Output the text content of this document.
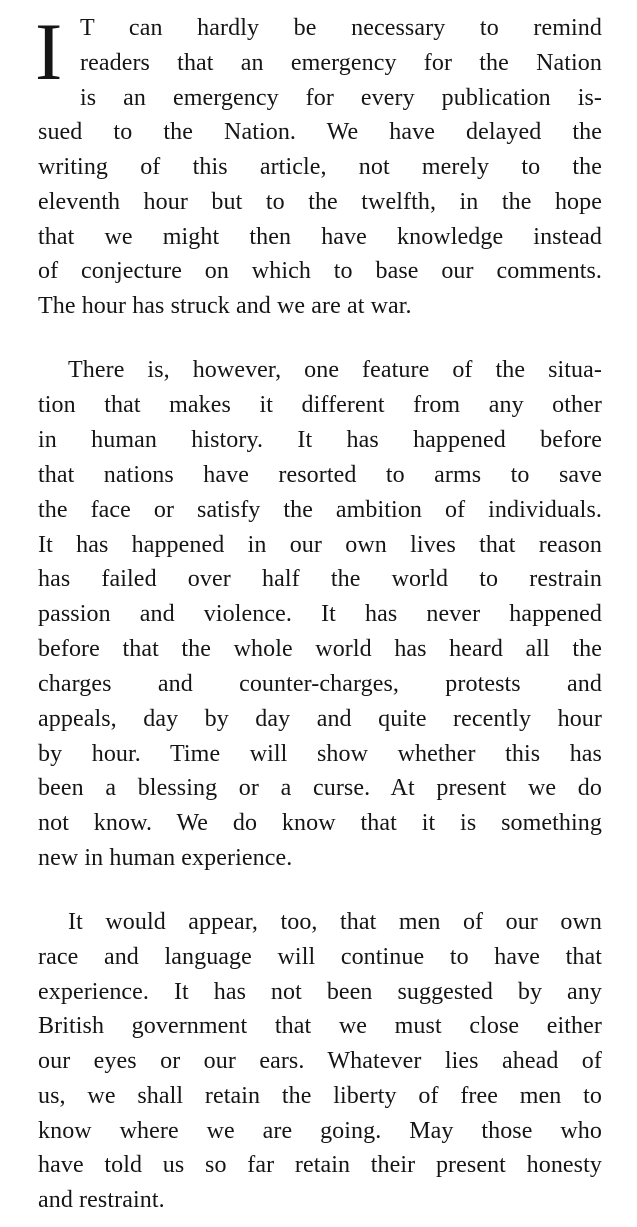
I T can hardly be necessary to remind
readers that an emergency for the Nation
is an emergency for every publication is-
sued to the Nation. We have delayed the
writing of this article, not merely to the
eleventh hour but to the twelfth, in the hope
that we might then have knowledge instead
of conjecture on which to base our comments.
The hour has struck and we are at war.
There is, however, one feature of the situa-
tion that makes it different from any other
in human history. It has happened before
that nations have resorted to arms to save
the face or satisfy the ambition of individuals.
It has happened in our own lives that reason
has failed over half the world to restrain
passion and violence. It has never happened
before that the whole world has heard all the
charges and counter-charges, protests and
appeals, day by day and quite recently hour
by hour. Time will show whether this has
been a blessing or a curse. At present we do
not know. We do know that it is something
new in human experience.
It would appear, too, that men of our own
race and language will continue to have that
experience. It has not been suggested by any
British government that we must close either
our eyes or our ears. Whatever lies ahead of
us, we shall retain the liberty of free men to
know where we are going. May those who
have told us so far retain their present honesty
and restraint.
